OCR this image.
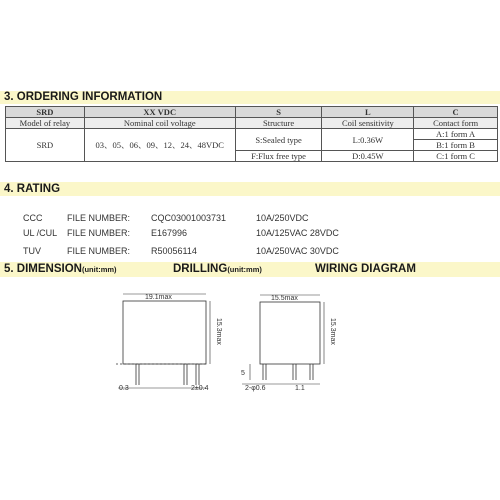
3. ORDERING INFORMATION
SRD	XX VDC	S	L	C
Model of relay	Nominal coil voltage	Structure	Coil sensitivity	Contact form
SRD	03、05、06、09、12、24、48VDC	S:Sealed type	L:0.36W	A:1 form A
				B:1 form B
		F:Flux free type	D:0.45W	C:1 form C
4. RATING
CCC	FILE NUMBER: CQC03001003731	10A/250VDC
UL /CUL FILE NUMBER: E167996	10A/125VAC 28VDC
TUV	FILE NUMBER: R50056114	10A/250VAC 30VDC
5. DIMENSION(unit:mm)	DRILLING(unit:mm)	WIRING DIAGRAM
19.1max
15.3max
0.3	2±0.4
15.5max
15.3max
5
2-φ0.6	1.1
